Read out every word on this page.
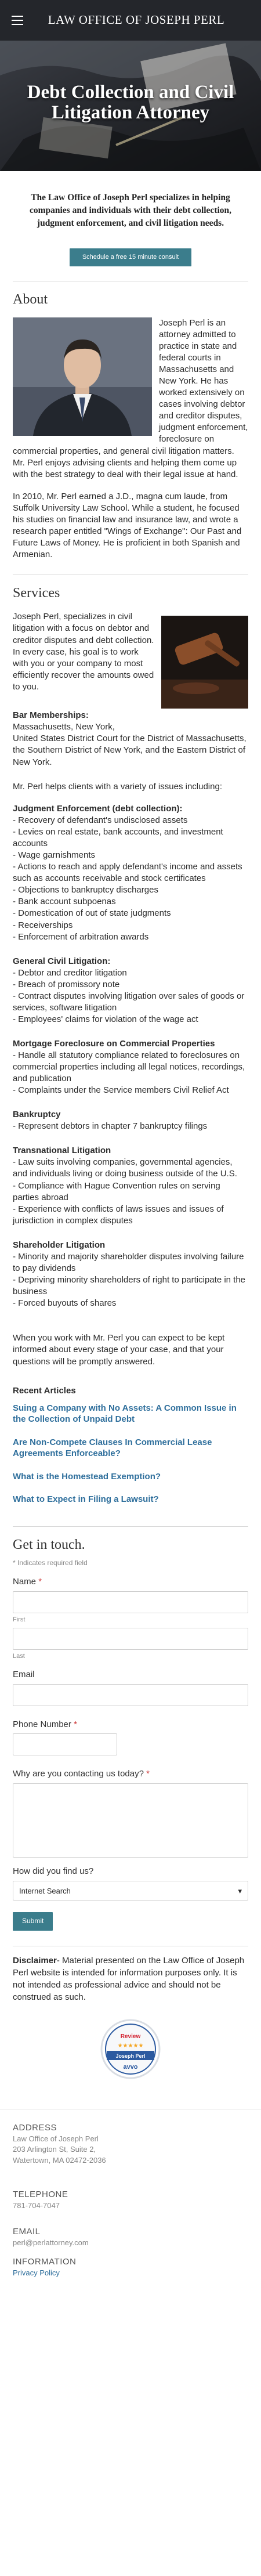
LAW OFFICE OF JOSEPH PERL
Debt Collection and Civil Litigation Attorney
The Law Office of Joseph Perl specializes in helping companies and individuals with their debt collection, judgment enforcement, and civil litigation needs.
Schedule a free 15 minute consult
About
Joseph Perl is an attorney admitted to practice in state and federal courts in Massachusetts and New York. He has worked extensively on cases involving debtor and creditor disputes, judgment enforcement, foreclosure on commercial properties, and general civil litigation matters. Mr. Perl enjoys advising clients and helping them come up with the best strategy to deal with their legal issue at hand.
In 2010, Mr. Perl earned a J.D., magna cum laude, from Suffolk University Law School. While a student, he focused his studies on financial law and insurance law, and wrote a research paper entitled "Wings of Exchange": Our Past and Future Laws of Money. He is proficient in both Spanish and Armenian.
Services
Joseph Perl, specializes in civil litigation with a focus on debtor and creditor disputes and debt collection. In every case, his goal is to work with you or your company to most efficiently recover the amounts owed to you.
Bar Memberships:
Massachusetts, New York,
United States District Court for the District of Massachusetts, the Southern District of New York, and the Eastern District of New York.
Mr. Perl helps clients with a variety of issues including:
Judgment Enforcement (debt collection):
- Recovery of defendant's undisclosed assets
- Levies on real estate, bank accounts, and investment accounts
- Wage garnishments
- Actions to reach and apply defendant's income and assets such as accounts receivable and stock certificates
- Objections to bankruptcy discharges
- Bank account subpoenas
- Domestication of out of state judgments
- Receiverships
- Enforcement of arbitration awards
General Civil Litigation:
- Debtor and creditor litigation
- Breach of promissory note
- Contract disputes involving litigation over sales of goods or services, software litigation
- Employees' claims for violation of the wage act
Mortgage Foreclosure on Commercial Properties
- Handle all statutory compliance related to foreclosures on commercial properties including all legal notices, recordings, and publication
- Complaints under the Service members Civil Relief Act
Bankruptcy
- Represent debtors in chapter 7 bankruptcy filings
Transnational Litigation
- Law suits involving companies, governmental agencies, and individuals living or doing business outside of the U.S.
- Compliance with Hague Convention rules on serving parties abroad
- Experience with conflicts of laws issues and issues of jurisdiction in complex disputes
Shareholder Litigation
- Minority and majority shareholder disputes involving failure to pay dividends
- Depriving minority shareholders of right to participate in the business
- Forced buyouts of shares
When you work with Mr. Perl you can expect to be kept informed about every stage of your case, and that your questions will be promptly answered.
Recent Articles
Suing a Company with No Assets: A Common Issue in the Collection of Unpaid Debt
Are Non-Compete Clauses In Commercial Lease Agreements Enforceable?
What is the Homestead Exemption?
What to Expect in Filing a Lawsuit?
Get in touch.
* Indicates required field
Name *
First
Last
Email
Phone Number *
Why are you contacting us today? *
How did you find us?
Internet Search	▾
Submit
Disclaimer- Material presented on the Law Office of Joseph Perl website is intended for information purposes only. It is not intended as professional advice and should not be construed as such.
Review
★★★★★
Joseph Perl
avvo
ADDRESS
Law Office of Joseph Perl
203 Arlington St, Suite 2,
Watertown, MA 02472-2036
TELEPHONE
781-704-7047
EMAIL
perl@perlattorney.com
INFORMATION
Privacy Policy
